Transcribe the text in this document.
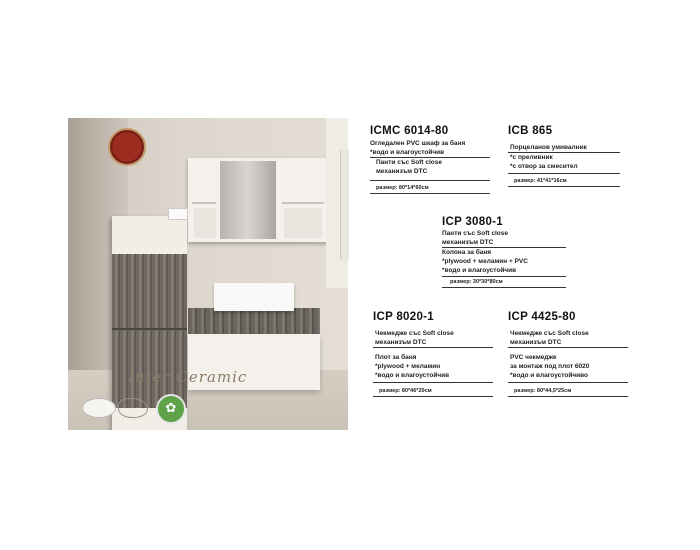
Inter Ceramic
✿
ICMC 6014-80
Огледален PVC шкаф за баня
*водо и влагоустойчив
Панти със Soft close
механизъм DTC
размер: 80*14*60см
ICB 865
Порцеланов умивалник
*с преливник
*с отвор за смесител
размер: 41*41*16см
ICP 3080-1
Панти със Soft close
механизъм DTC
Колона за баня
*plywood + меламин + PVC
*водо и влагоустойчив
размер: 30*30*80см
ICP 8020-1
Чекмедже със Soft close
механизъм DTC
Плот за баня
*plywood + меламин
*водо и влагоустойчив
размер: 80*46*20см
ICP 4425-80
Чекмедже със Soft close
механизъм DTC
PVC чекмедже
за монтаж под плот 6020
*водо и влагоустойчиво
размер: 80*44,5*25см
